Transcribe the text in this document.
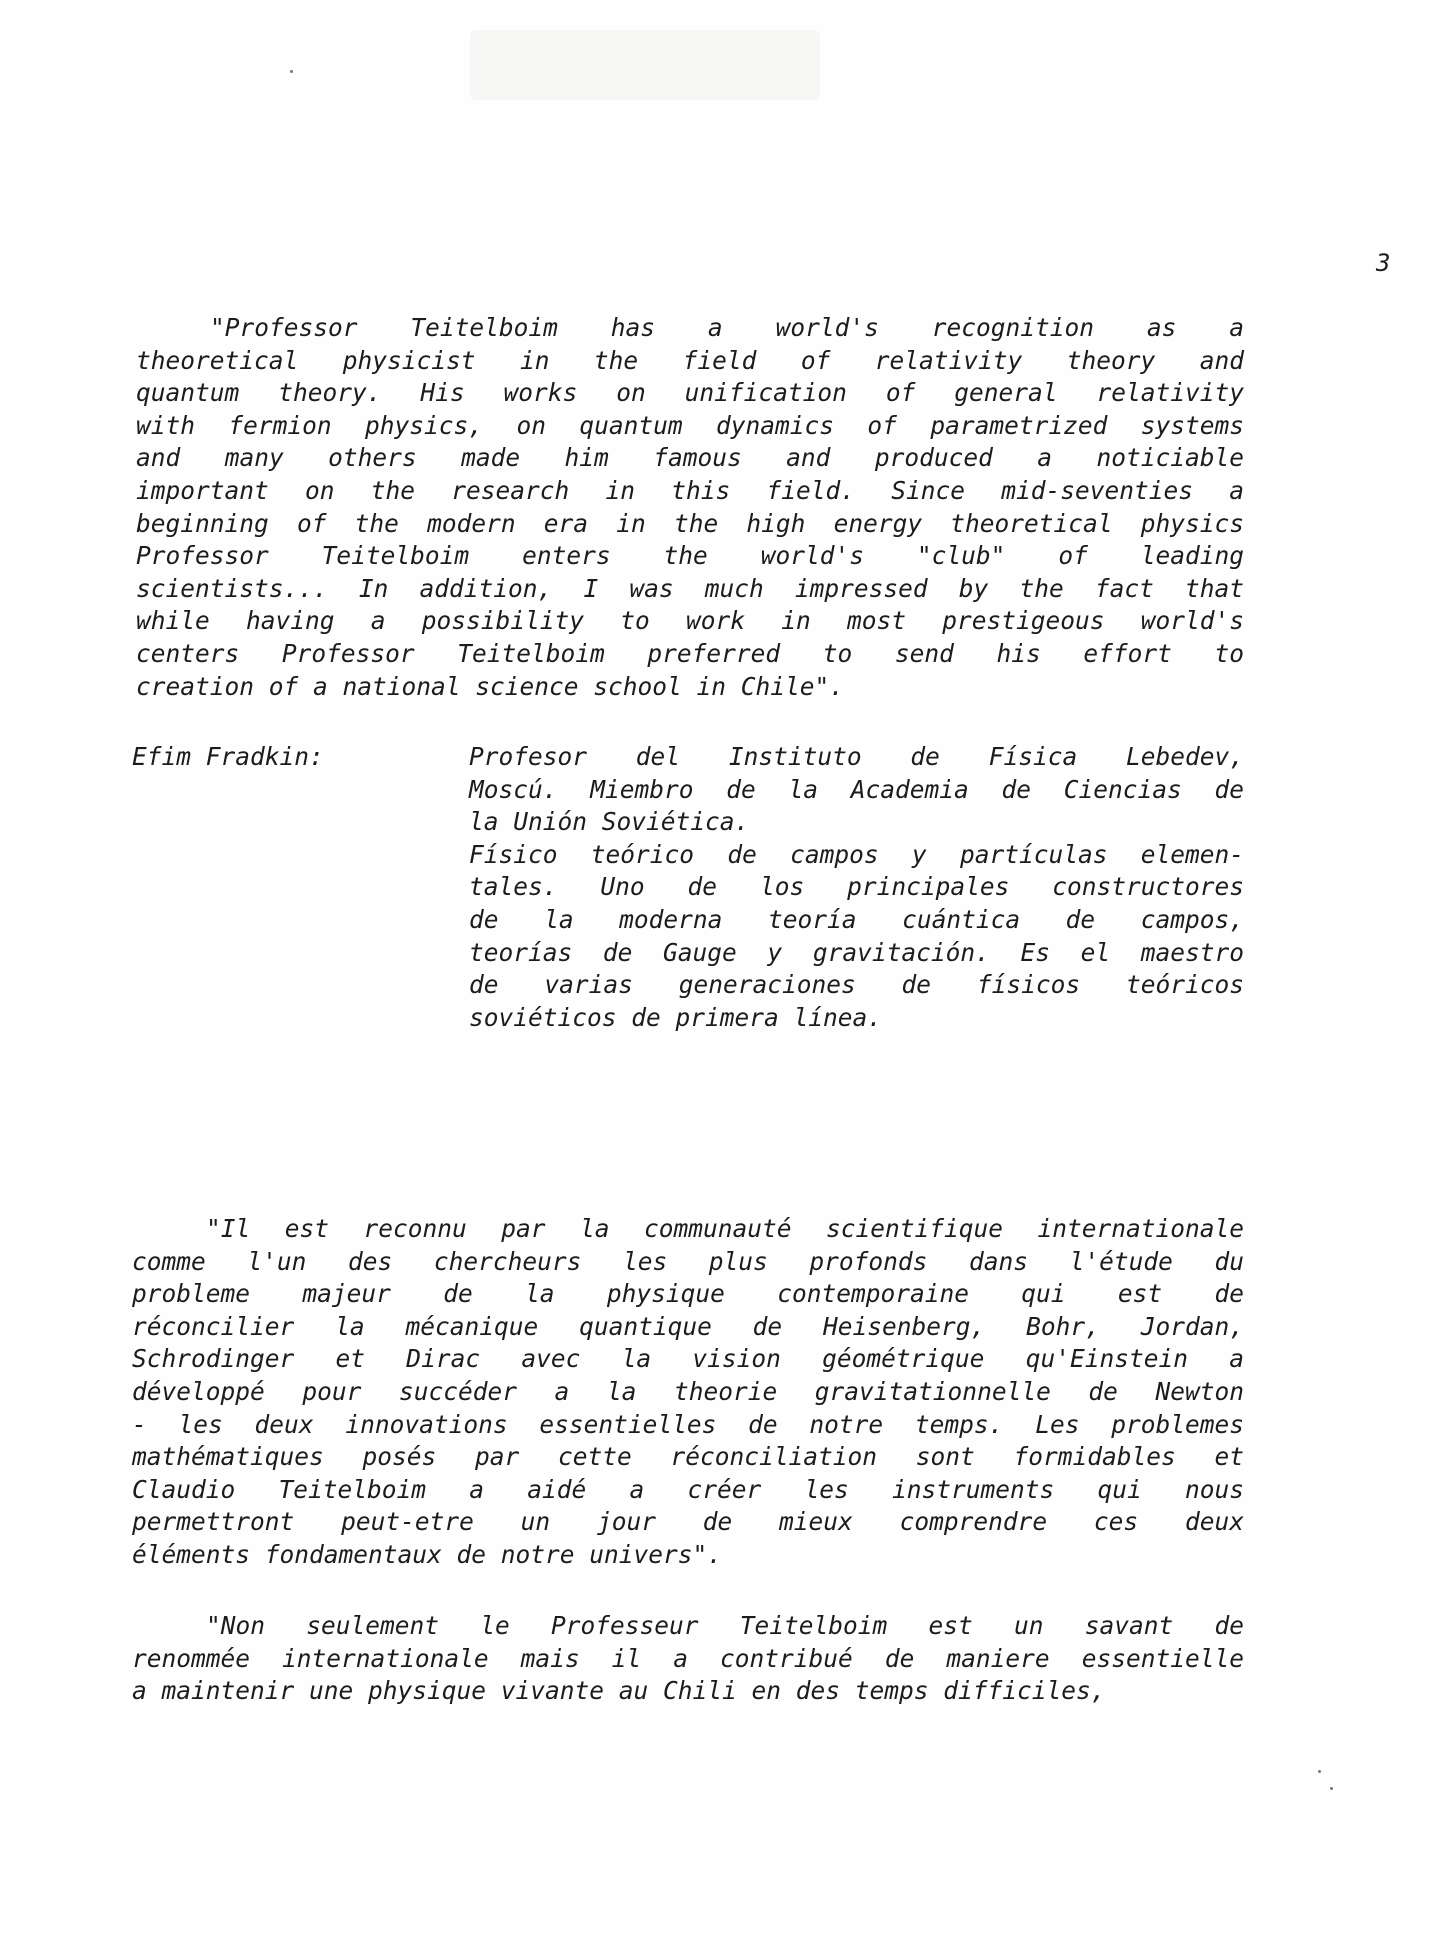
3
"Professor Teitelboim has a world's recognition as a
theoretical physicist in the field of relativity theory and
quantum theory. His works on unification of general relativity
with fermion physics, on quantum dynamics of parametrized systems
and many others made him famous and produced a noticiable
important on the research in this field. Since mid-seventies a
beginning of the modern era in the high energy theoretical physics
Professor Teitelboim enters the world's "club" of leading
scientists... In addition, I was much impressed by the fact that
while having a possibility to work in most prestigeous world's
centers Professor Teitelboim preferred to send his effort to
creation of a national science school in Chile".
Efim Fradkin:	Profesor del Instituto de Física Lebedev,
Moscú. Miembro de la Academia de Ciencias de
la Unión Soviética.
Físico teórico de campos y partículas elemen-
tales. Uno de los principales constructores
de la moderna teoría cuántica de campos,
teorías de Gauge y gravitación. Es el maestro
de varias generaciones de físicos teóricos
soviéticos de primera línea.
"Il est reconnu par la communauté scientifique internationale
comme l'un des chercheurs les plus profonds dans l'étude du
probleme majeur de la physique contemporaine qui est de
réconcilier la mécanique quantique de Heisenberg, Bohr, Jordan,
Schrodinger et Dirac avec la vision géométrique qu'Einstein a
développé pour succéder a la theorie gravitationnelle de Newton
- les deux innovations essentielles de notre temps. Les problemes
mathématiques posés par cette réconciliation sont formidables et
Claudio Teitelboim a aidé a créer les instruments qui nous
permettront peut-etre un jour de mieux comprendre ces deux
éléments fondamentaux de notre univers".
"Non seulement le Professeur Teitelboim est un savant de
renommée internationale mais il a contribué de maniere essentielle
a maintenir une physique vivante au Chili en des temps difficiles,
